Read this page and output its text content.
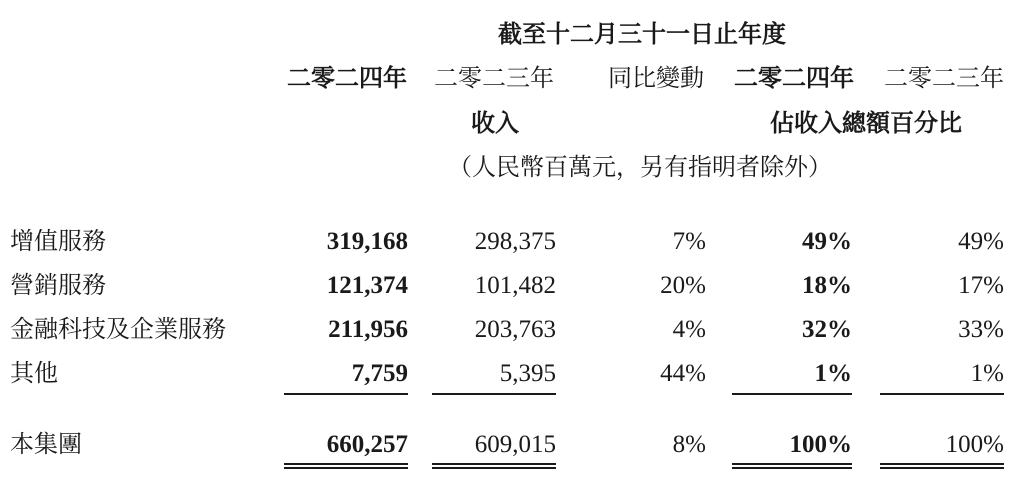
截至十二月三十一日止年度
二零二四年 二零二三年 同比變動 二零二四年 二零二三年
收入	佔收入總額百分比
（人民幣百萬元，另有指明者除外）
增值服務	319,168	298,375	7%	49%	49%
營銷服務	121,374	101,482	20%	18%	17%
金融科技及企業服務	211,956	203,763	4%	32%	33%
其他	7,759	5,395	44%	1%	1%
本集團	660,257	609,015	8%	100%	100%
